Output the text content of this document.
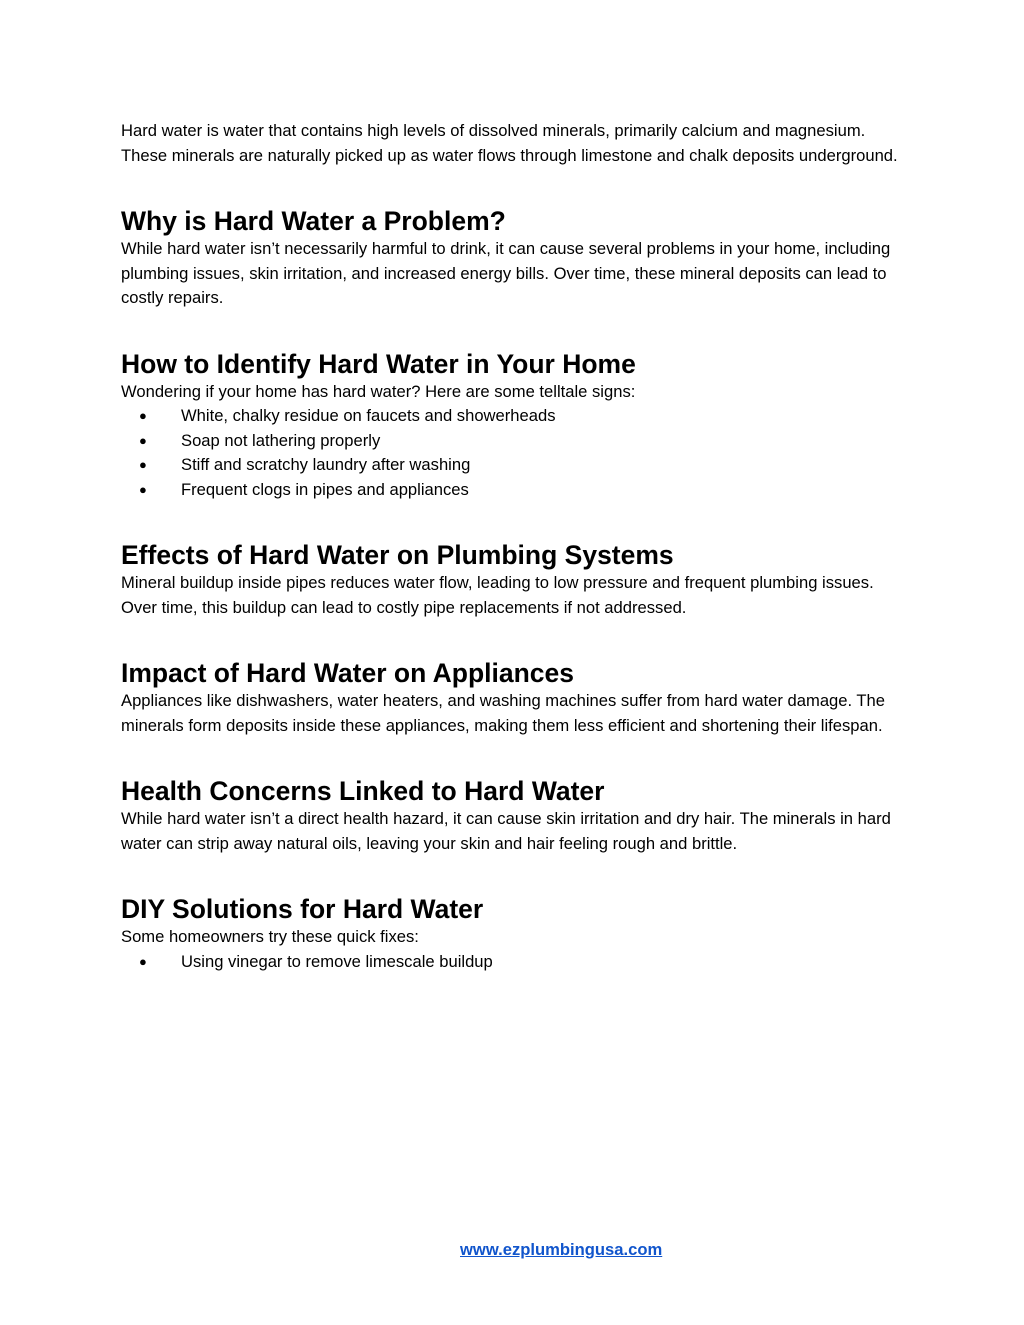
Hard water is water that contains high levels of dissolved minerals, primarily calcium and magnesium. These minerals are naturally picked up as water flows through limestone and chalk deposits underground.

Why is Hard Water a Problem?

While hard water isn’t necessarily harmful to drink, it can cause several problems in your home, including plumbing issues, skin irritation, and increased energy bills. Over time, these mineral deposits can lead to costly repairs.

How to Identify Hard Water in Your Home

Wondering if your home has hard water? Here are some telltale signs:

● White, chalky residue on faucets and showerheads
● Soap not lathering properly
● Stiff and scratchy laundry after washing
● Frequent clogs in pipes and appliances
Effects of Hard Water on Plumbing Systems

Mineral buildup inside pipes reduces water flow, leading to low pressure and frequent plumbing issues. Over time, this buildup can lead to costly pipe replacements if not addressed.

Impact of Hard Water on Appliances

Appliances like dishwashers, water heaters, and washing machines suffer from hard water damage. The minerals form deposits inside these appliances, making them less efficient and shortening their lifespan.

Health Concerns Linked to Hard Water

While hard water isn’t a direct health hazard, it can cause skin irritation and dry hair. The minerals in hard water can strip away natural oils, leaving your skin and hair feeling rough and brittle.

DIY Solutions for Hard Water

Some homeowners try these quick fixes:

● Using vinegar to remove limescale buildup
www.ezplumbingusa.com
